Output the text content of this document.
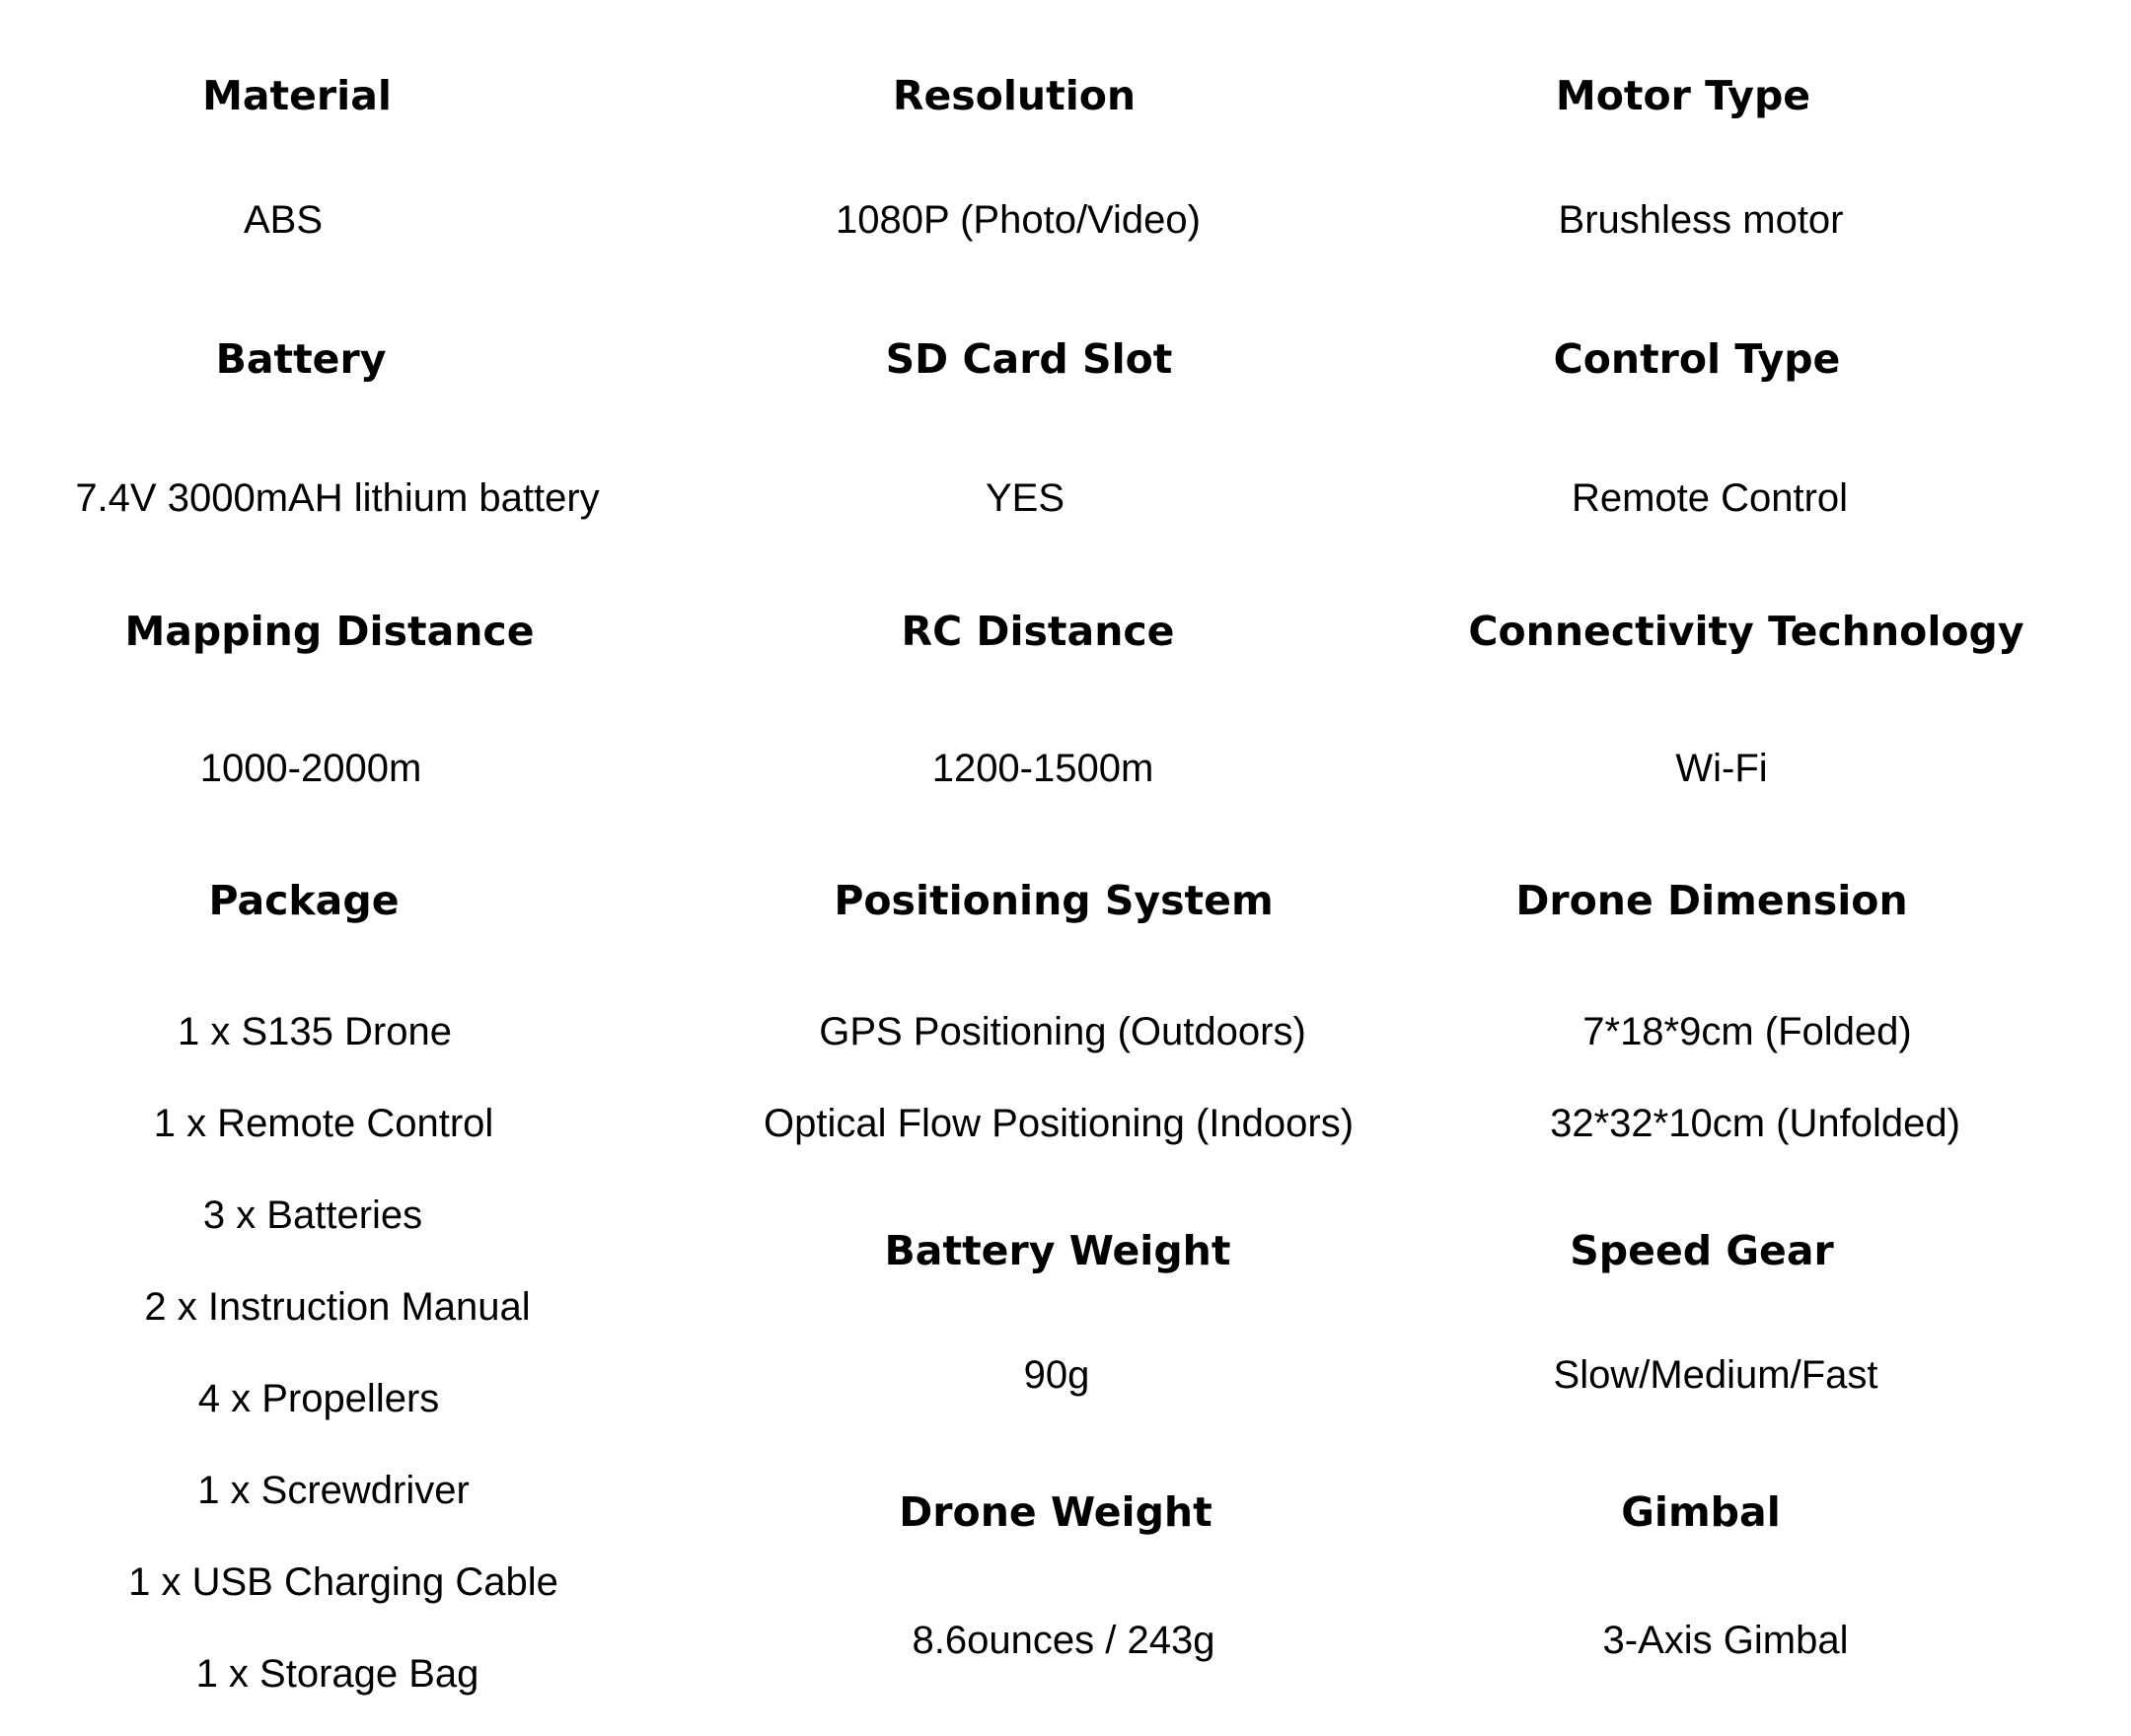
Material
ABS
Battery
7.4V 3000mAH lithium battery
Mapping Distance
1000-2000m
Package
1 x S135 Drone
1 x Remote Control
3 x Batteries
2 x Instruction Manual
4 x Propellers
1 x Screwdriver
1 x USB Charging Cable
1 x Storage Bag
Resolution
1080P (Photo/Video)
SD Card Slot
YES
RC Distance
1200-1500m
Positioning System
GPS Positioning (Outdoors)
Optical Flow Positioning (Indoors)
Battery Weight
90g
Drone Weight
8.6ounces / 243g
Motor Type
Brushless motor
Control Type
Remote Control
Connectivity Technology
Wi-Fi
Drone Dimension
7*18*9cm (Folded)
32*32*10cm (Unfolded)
Speed Gear
Slow/Medium/Fast
Gimbal
3-Axis Gimbal
